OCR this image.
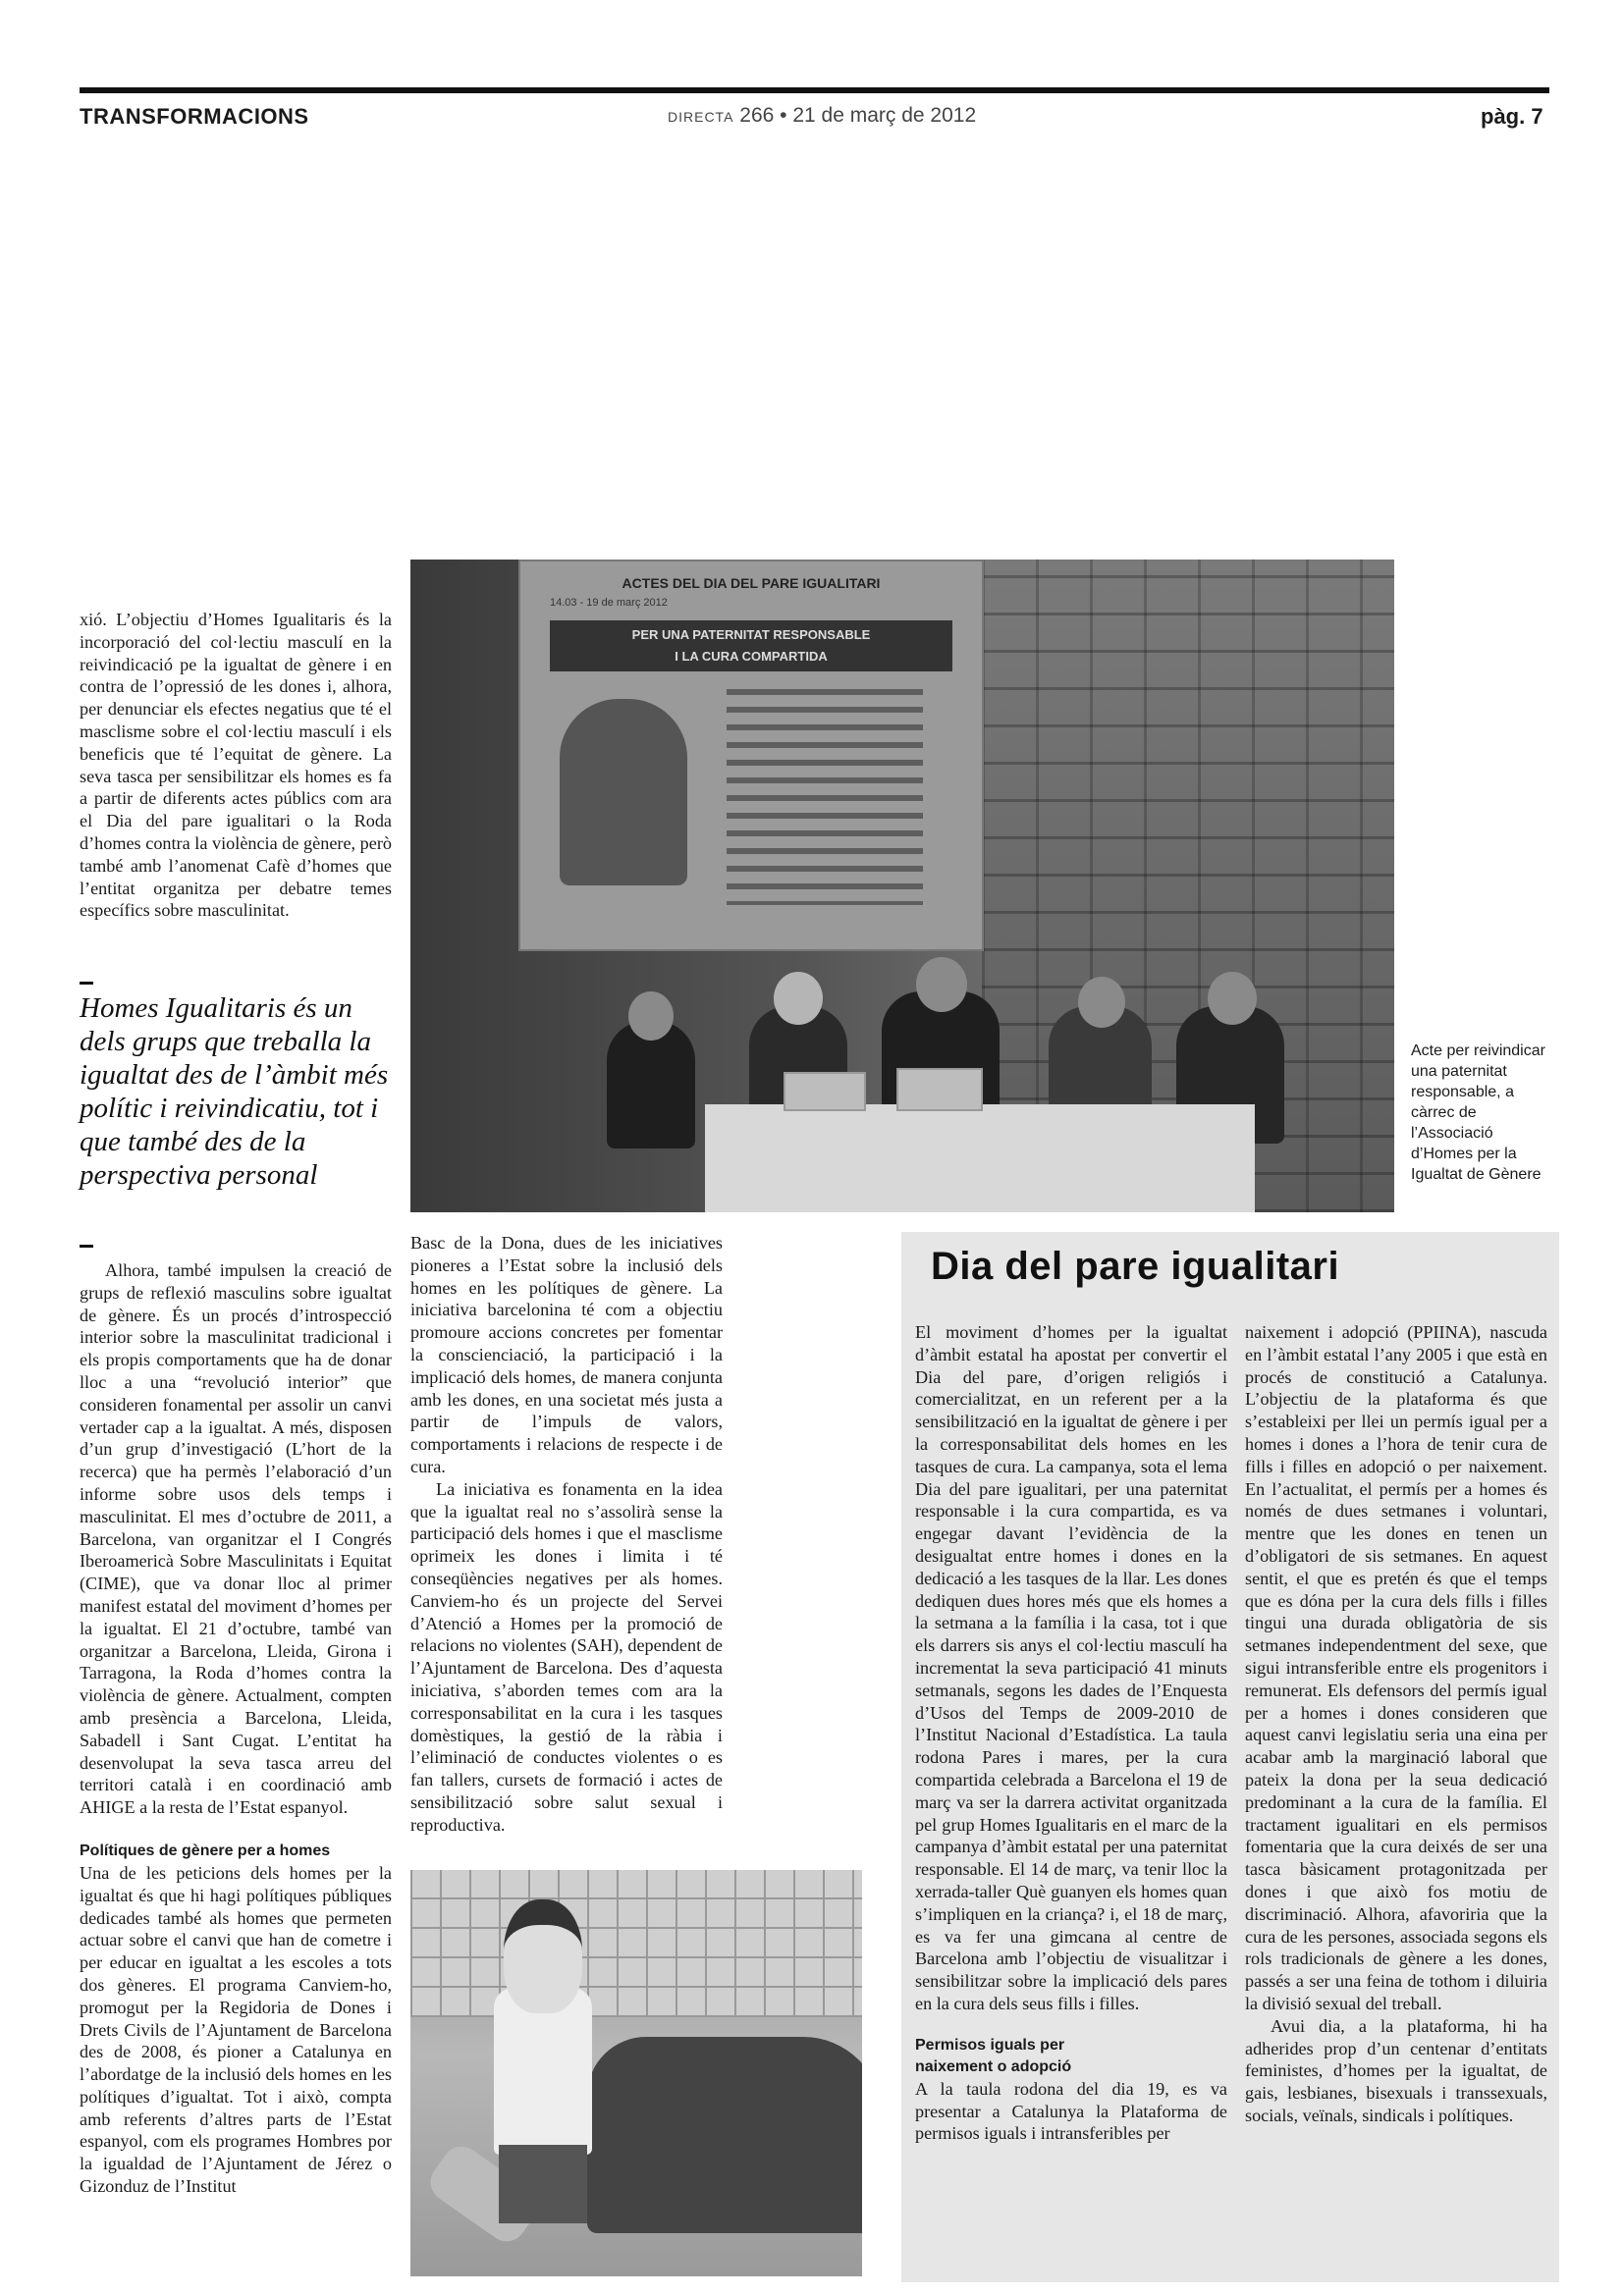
TRANSFORMACIONS	DIRECTA 266 • 21 de març de 2012	pàg. 7

xió. L’objectiu d’Homes Igualitaris és la incorporació del col·lectiu masculí en la reivindicació pe la igualtat de gènere i en contra de l’opressió de les dones i, alhora, per denunciar els efectes negatius que té el masclisme sobre el col·lectiu masculí i els beneficis que té l’equitat de gènere. La seva tasca per sensibilitzar els homes es fa a partir de diferents actes públics com ara el Dia del pare igualitari o la Roda d’homes contra la violència de gènere, però també amb l’anomenat Cafè d’homes que l’entitat organitza per debatre temes específics sobre masculinitat.

Homes Igualitaris és un dels grups que treballa la igualtat des de l’àmbit més polític i reivindicatiu, tot i que també des de la perspectiva personal

Alhora, també impulsen la creació de grups de reflexió masculins sobre igualtat de gènere. És un procés d’introspecció interior sobre la masculinitat tradicional i els propis comportaments que ha de donar lloc a una “revolució interior” que consideren fonamental per assolir un canvi vertader cap a la igualtat. A més, disposen d’un grup d’investigació (L’hort de la recerca) que ha permès l’elaboració d’un informe sobre usos dels temps i masculinitat. El mes d’octubre de 2011, a Barcelona, van organitzar el I Congrés Iberoamericà Sobre Masculinitats i Equitat (CIME), que va donar lloc al primer manifest estatal del moviment d’homes per la igualtat. El 21 d’octubre, també van organitzar a Barcelona, Lleida, Girona i Tarragona, la Roda d’homes contra la violència de gènere. Actualment, compten amb presència a Barcelona, Lleida, Sabadell i Sant Cugat. L’entitat ha desenvolupat la seva tasca arreu del territori català i en coordinació amb AHIGE a la resta de l’Estat espanyol.

Polítiques de gènere per a homes

Una de les peticions dels homes per la igualtat és que hi hagi polítiques públiques dedicades també als homes que permeten actuar sobre el canvi que han de cometre i per educar en igualtat a les escoles a tots dos gèneres. El programa Canviem-ho, promogut per la Regidoria de Dones i Drets Civils de l’Ajuntament de Barcelona des de 2008, és pioner a Catalunya en l’abordatge de la inclusió dels homes en les polítiques d’igualtat. Tot i això, compta amb referents d’altres parts de l’Estat espanyol, com els programes Hombres por la igualdad de l’Ajuntament de Jérez o Gizonduz de l’Institut

ACTES DEL DIA DEL PARE IGUALITARI
14.03 - 19 de març 2012
PER UNA PATERNITAT RESPONSABLE
I LA CURA COMPARTIDA
Acte per reivindicar una paternitat responsable, a càrrec de l’Associació d’Homes per la Igualtat de Gènere

Basc de la Dona, dues de les iniciatives pioneres a l’Estat sobre la inclusió dels homes en les polítiques de gènere. La iniciativa barcelonina té com a objectiu promoure accions concretes per fomentar la conscienciació, la participació i la implicació dels homes, de manera conjunta amb les dones, en una societat més justa a partir de l’impuls de valors, comportaments i relacions de respecte i de cura.

La iniciativa es fonamenta en la idea que la igualtat real no s’assolirà sense la participació dels homes i que el masclisme oprimeix les dones i limita i té conseqüències negatives per als homes. Canviem-ho és un projecte del Servei d’Atenció a Homes per la promoció de relacions no violentes (SAH), dependent de l’Ajuntament de Barcelona. Des d’aquesta iniciativa, s’aborden temes com ara la corresponsabilitat en la cura i les tasques domèstiques, la gestió de la ràbia i l’eliminació de conductes violentes o es fan tallers, cursets de formació i actes de sensibilització sobre salut sexual i reproductiva.

Dia del pare igualitari

El moviment d’homes per la igualtat d’àmbit estatal ha apostat per convertir el Dia del pare, d’origen religiós i comercialitzat, en un referent per a la sensibilització en la igualtat de gènere i per la corresponsabilitat dels homes en les tasques de cura. La campanya, sota el lema Dia del pare igualitari, per una paternitat responsable i la cura compartida, es va engegar davant l’evidència de la desigualtat entre homes i dones en la dedicació a les tasques de la llar. Les dones dediquen dues hores més que els homes a la setmana a la família i la casa, tot i que els darrers sis anys el col·lectiu masculí ha incrementat la seva participació 41 minuts setmanals, segons les dades de l’Enquesta d’Usos del Temps de 2009-2010 de l’Institut Nacional d’Estadística. La taula rodona Pares i mares, per la cura compartida celebrada a Barcelona el 19 de març va ser la darrera activitat organitzada pel grup Homes Igualitaris en el marc de la campanya d’àmbit estatal per una paternitat responsable. El 14 de març, va tenir lloc la xerrada-taller Què guanyen els homes quan s’impliquen en la criança? i, el 18 de març, es va fer una gimcana al centre de Barcelona amb l’objectiu de visualitzar i sensibilitzar sobre la implicació dels pares en la cura dels seus fills i filles.

Permisos iguals per

naixement o adopció

A la taula rodona del dia 19, es va presentar a Catalunya la Plataforma de permisos iguals i intransferibles per

naixement i adopció (PPIINA), nascuda en l’àmbit estatal l’any 2005 i que està en procés de constitució a Catalunya. L’objectiu de la plataforma és que s’estableixi per llei un permís igual per a homes i dones a l’hora de tenir cura de fills i filles en adopció o per naixement. En l’actualitat, el permís per a homes és només de dues setmanes i voluntari, mentre que les dones en tenen un d’obligatori de sis setmanes. En aquest sentit, el que es pretén és que el temps que es dóna per la cura dels fills i filles tingui una durada obligatòria de sis setmanes independentment del sexe, que sigui intransferible entre els progenitors i remunerat. Els defensors del permís igual per a homes i dones consideren que aquest canvi legislatiu seria una eina per acabar amb la marginació laboral que pateix la dona per la seua dedicació predominant a la cura de la família. El tractament igualitari en els permisos fomentaria que la cura deixés de ser una tasca bàsicament protagonitzada per dones i que això fos motiu de discriminació. Alhora, afavoriria que la cura de les persones, associada segons els rols tradicionals de gènere a les dones, passés a ser una feina de tothom i diluiria la divisió sexual del treball.

Avui dia, a la plataforma, hi ha adherides prop d’un centenar d’entitats feministes, d’homes per la igualtat, de gais, lesbianes, bisexuals i transsexuals, socials, veïnals, sindicals i polítiques.
